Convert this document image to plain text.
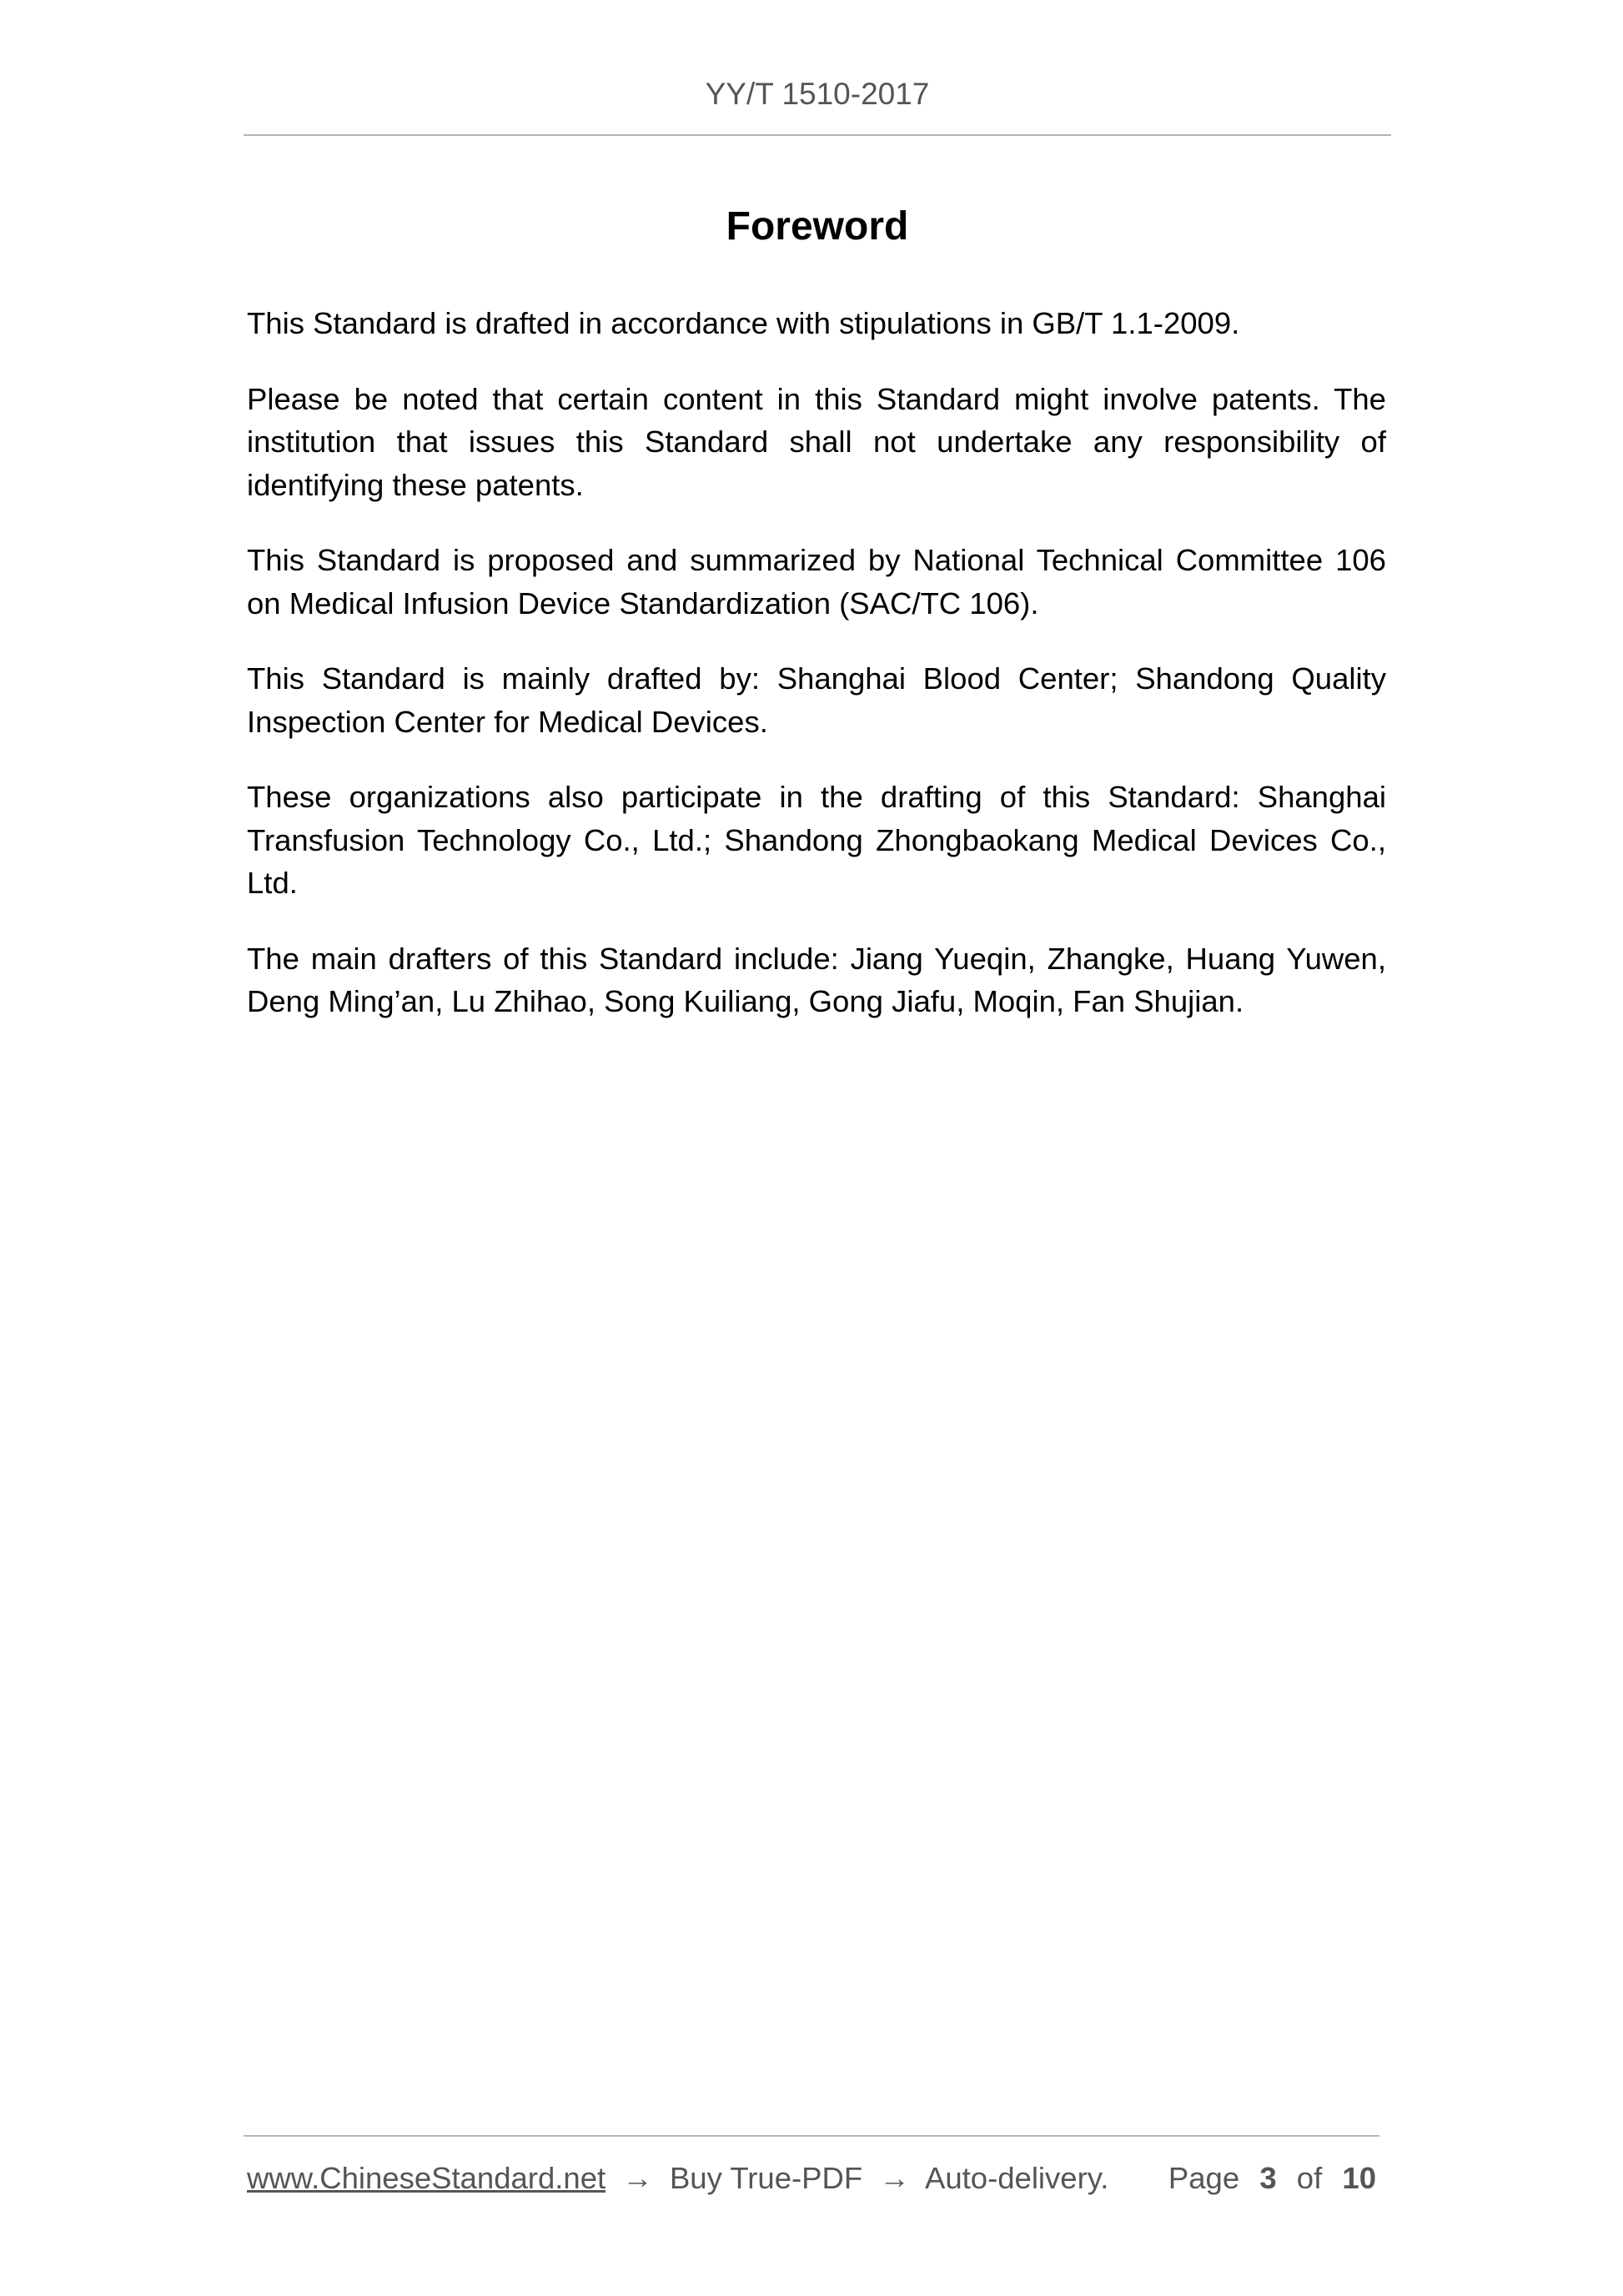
YY/T 1510-2017
Foreword

This Standard is drafted in accordance with stipulations in GB/T 1.1-2009.

Please be noted that certain content in this Standard might involve patents. The institution that issues this Standard shall not undertake any responsibility of identifying these patents.

This Standard is proposed and summarized by National Technical Committee 106 on Medical Infusion Device Standardization (SAC/TC 106).

This Standard is mainly drafted by: Shanghai Blood Center; Shandong Quality Inspection Center for Medical Devices.

These organizations also participate in the drafting of this Standard: Shanghai Transfusion Technology Co., Ltd.; Shandong Zhongbaokang Medical Devices Co., Ltd.

The main drafters of this Standard include: Jiang Yueqin, Zhangke, Huang Yuwen, Deng Ming’an, Lu Zhihao, Song Kuiliang, Gong Jiafu, Moqin, Fan Shujian.

www.ChineseStandard.net → Buy True-PDF → Auto-delivery. Page 3 of 10
